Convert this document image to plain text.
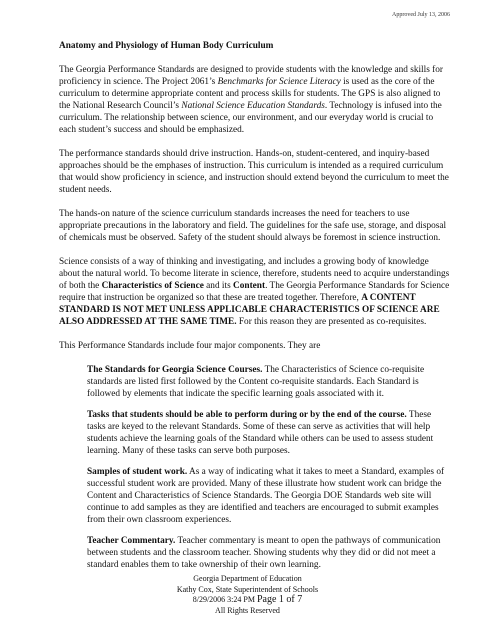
Approved July 13, 2006
Anatomy and Physiology of Human Body Curriculum

The Georgia Performance Standards are designed to provide students with the knowledge and skills for proficiency in science. The Project 2061’s Benchmarks for Science Literacy is used as the core of the curriculum to determine appropriate content and process skills for students. The GPS is also aligned to the National Research Council’s National Science Education Standards. Technology is infused into the curriculum. The relationship between science, our environment, and our everyday world is crucial to each student’s success and should be emphasized.

The performance standards should drive instruction. Hands-on, student-centered, and inquiry-based approaches should be the emphases of instruction. This curriculum is intended as a required curriculum that would show proficiency in science, and instruction should extend beyond the curriculum to meet the student needs.

The hands-on nature of the science curriculum standards increases the need for teachers to use appropriate precautions in the laboratory and field. The guidelines for the safe use, storage, and disposal of chemicals must be observed. Safety of the student should always be foremost in science instruction.

Science consists of a way of thinking and investigating, and includes a growing body of knowledge about the natural world. To become literate in science, therefore, students need to acquire understandings of both the Characteristics of Science and its Content. The Georgia Performance Standards for Science require that instruction be organized so that these are treated together. Therefore, A CONTENT STANDARD IS NOT MET UNLESS APPLICABLE CHARACTERISTICS OF SCIENCE ARE ALSO ADDRESSED AT THE SAME TIME. For this reason they are presented as co-requisites.

This Performance Standards include four major components. They are

The Standards for Georgia Science Courses. The Characteristics of Science co-requisite standards are listed first followed by the Content co-requisite standards. Each Standard is followed by elements that indicate the specific learning goals associated with it.

Tasks that students should be able to perform during or by the end of the course. These tasks are keyed to the relevant Standards. Some of these can serve as activities that will help students achieve the learning goals of the Standard while others can be used to assess student learning. Many of these tasks can serve both purposes.

Samples of student work. As a way of indicating what it takes to meet a Standard, examples of successful student work are provided. Many of these illustrate how student work can bridge the Content and Characteristics of Science Standards. The Georgia DOE Standards web site will continue to add samples as they are identified and teachers are encouraged to submit examples from their own classroom experiences.

Teacher Commentary. Teacher commentary is meant to open the pathways of communication between students and the classroom teacher. Showing students why they did or did not meet a standard enables them to take ownership of their own learning.

Georgia Department of Education
Kathy Cox, State Superintendent of Schools
8/29/2006 3:24 PM Page 1 of 7
All Rights Reserved
